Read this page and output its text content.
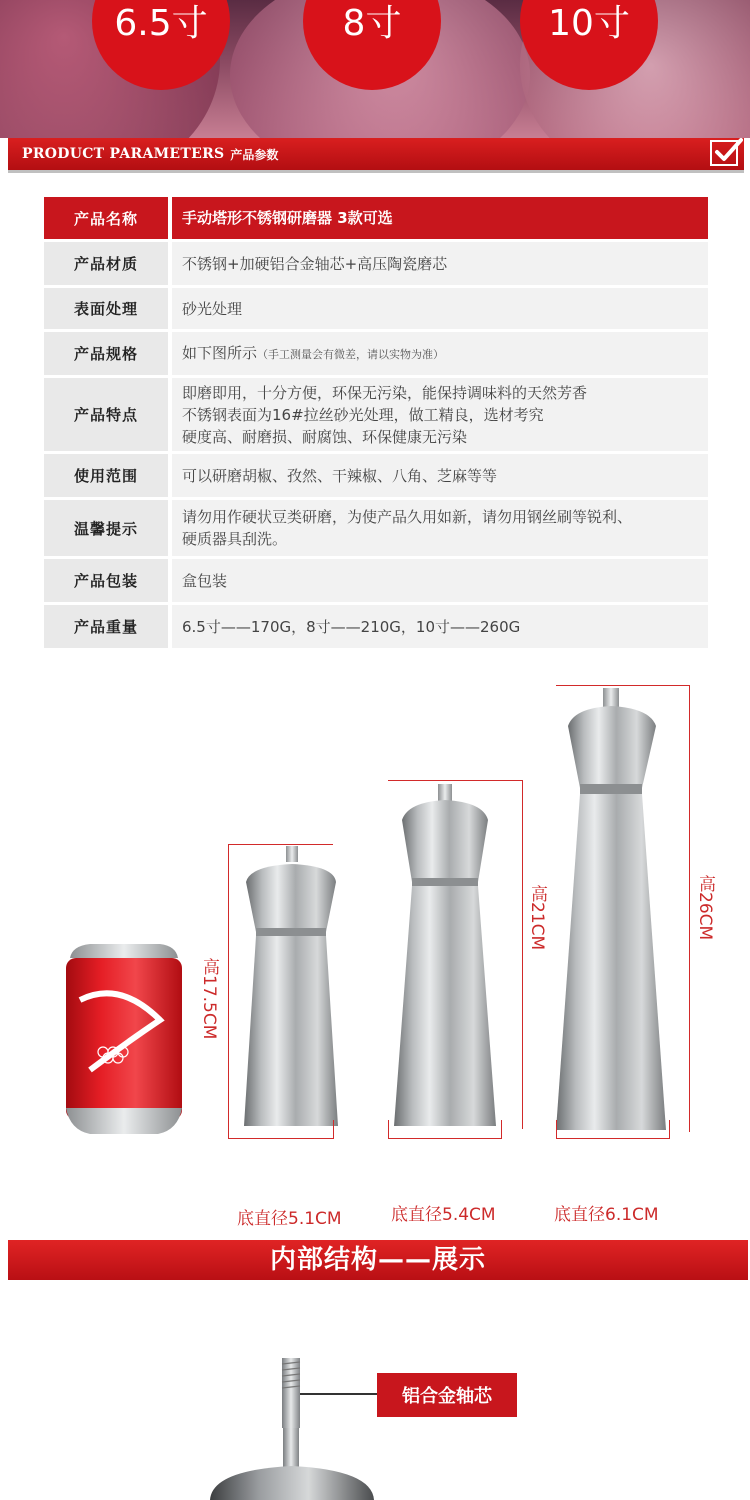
6.5寸	8寸	10寸
PRODUCT PARAMETERS 产品参数
产品名称	手动塔形不锈钢研磨器 3款可选
产品材质	不锈钢+加硬铝合金轴芯+高压陶瓷磨芯
表面处理	砂光处理
产品规格	如下图所示（手工测量会有微差，请以实物为准）
产品特点
即磨即用，十分方便，环保无污染，能保持调味料的天然芳香
不锈钢表面为16#拉丝砂光处理，做工精良，选材考究
硬度高、耐磨损、耐腐蚀、环保健康无污染
使用范围	可以研磨胡椒、孜然、干辣椒、八角、芝麻等等
温馨提示
请勿用作硬状豆类研磨，为使产品久用如新，请勿用钢丝刷等锐利、
硬质器具刮洗。
产品包装	盒包装
产品重量	6.5寸——170G，8寸——210G，10寸——260G
高17.5CM
高21CM	高26CM
底直径5.1CM	底直径5.4CM	底直径6.1CM
内部结构——展示
铝合金轴芯
